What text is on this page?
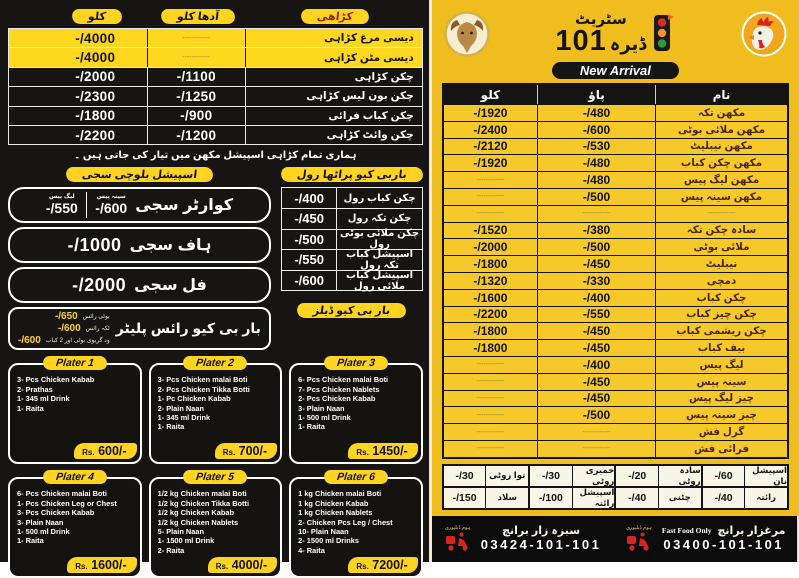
كڑاهى
آدھا کلو
کلو
دیسی مرغ کڑاہی
------------
4000/-
دیسی مٹن کڑاہی
------------
4000/-
چکن کڑاہی
1100/-
2000/-
چکن بون لیس کڑاہی
1250/-
2300/-
چکن کباب فرائی
900/-
1800/-
چکن وائٹ کڑاہی
1200/-
2200/-
ہماری تمام کڑاہی اسپیشل مکھن میں تیار کی جاتی ہیں ۔
اسپیشل بلوچی سجی
کوارٹر سجی
سینہ پیس
600/-
لیگ پیس
550/-
ہاف سجی
1000/-
فل سجی
2000/-
بار بی کیو رائس پلیٹر
بوٹی رائس
650/-
ٹکہ رائس
600/-
ود گریوی بوٹی اور 2 کباب
600/-
باربی کیو پراٹھا رول
چکن کباب رول
400/-
چکن تکہ رول
450/-
چکن ملائی بوٹی رول
500/-
اسپیشل کباب تکہ رول
550/-
اسپیشل کباب ملائی رول
600/-
بار بی کیو ڈیلز
Plater 1
3- Pcs Chicken Kabab
2- Prathas
1- 345 ml Drink
1- Raita
Rs. 600/-
Plater 2
3- Pcs Chicken malai Boti
2- Pcs Chicken Tikka Botti
1- Pc Chicken Kabab
2- Plain Naan
1- 345 ml Drink
1- Raita
Rs. 700/-
Plater 3
6- Pcs Chicken malai Boti
7- Pcs Chicken Nablets
2- Pcs Chicken Kabab
3- Plain Naan
1- 500 ml Drink
1- Raita
Rs. 1450/-
Plater 4
6- Pcs Chicken malai Boti
1- Pcs Chicken Leg or Chest
3- Pcs Chicken Kabab
3- Plain Naan
1- 500 ml Drink
1- Raita
Rs. 1600/-
Plater 5
1/2 kg Chicken malai Boti
1/2 kg Chicken Tikka Botti
1/2 kg Chicken Kabab
1/2 kg Chicken Nablets
5- Plain Naan
1- 1500 ml Drink
2- Raita
Rs. 4000/-
Plater 6
1 kg Chicken malai Boti
1 kg Chicken Kabab
1 kg Chicken Nablets
2- Chicken Pcs Leg / Chest
10- Plain Naan
2- 1500 ml Drinks
4- Raita
Rs. 7200/-
سٹریٹ
101 ڈیرہ
New Arrival
نام
پاؤ
کلو
مکھن تکہ
480/-
1920/-
مکھن ملائی بوٹی
600/-
2400/-
مکھن نیبلیٹ
530/-
2120/-
مکھن چکن کباب
480/-
1920/-
مکھن لیگ پیس
480/-
------------
مکھن سینہ پیس
500/-
------------
------------
------------
------------
سادہ چکن تکہ
380/-
1520/-
ملائی بوٹی
500/-
2000/-
نیبلیٹ
450/-
1800/-
دمچی
330/-
1320/-
چکن کباب
400/-
1600/-
چکن چیز کباب
550/-
2200/-
چکن ریشمی کباب
450/-
1800/-
بیف کباب
450/-
1800/-
لیگ پیس
400/-
------------
سینہ پیس
450/-
------------
چیز لیگ پیس
450/-
------------
چیز سینہ پیس
500/-
------------
گرل فش
------------
------------
فرائی فش
------------
------------
اسپیشل نان
60/-
سادہ روٹی
20/-
خمیری روٹی
30/-
توا روٹی
30/-
رائتہ
40/-
چٹنی
40/-
اسپیشل رائتہ
100/-
سلاد
150/-
سبزہ زار برانچ
03424-101-101
ہوم ڈیلیوری	مرغزار برانچ
Fast Food Only
03400-101-101
ہوم ڈیلیوری
